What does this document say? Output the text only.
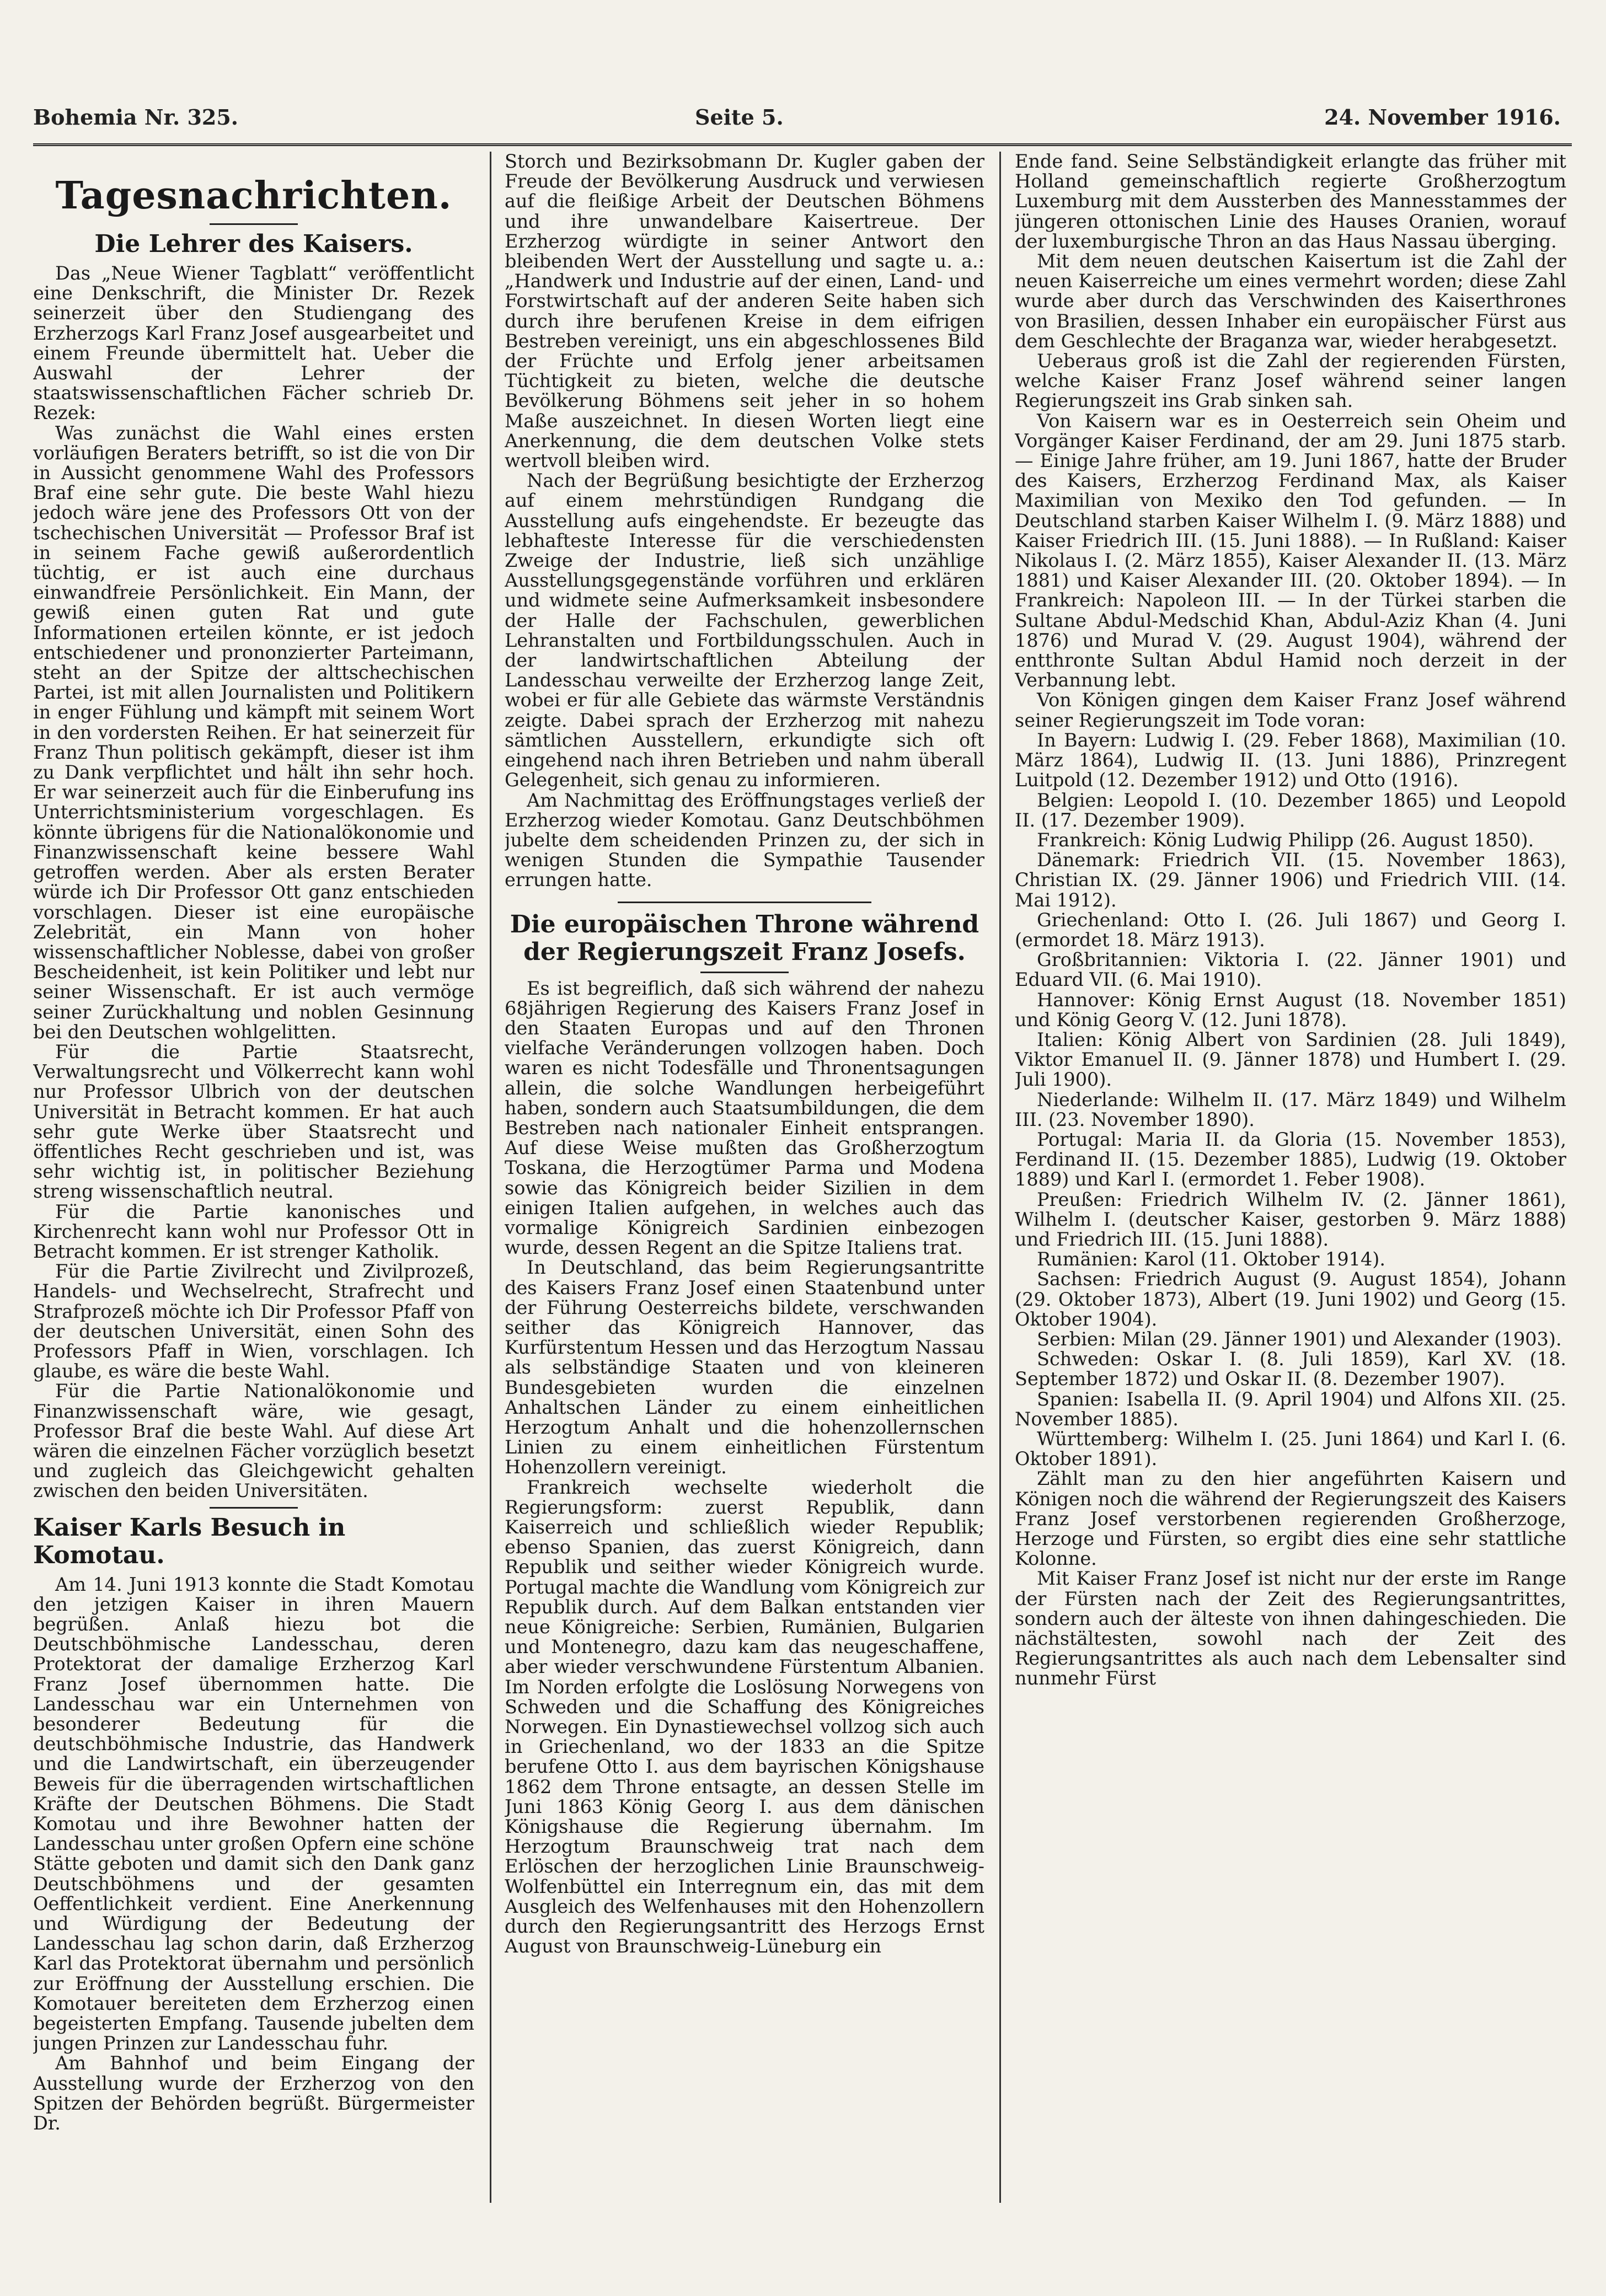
Bohemia Nr. 325.	Seite 5.	24. November 1916.
Tagesnachrichten.
Die Lehrer des Kaisers.

Das „Neue Wiener Tagblatt“ veröffentlicht eine Denkschrift, die Minister Dr. Rezek seinerzeit über den Studiengang des Erzherzogs Karl Franz Josef ausgearbeitet und einem Freunde übermittelt hat. Ueber die Auswahl der Lehrer der staatswissenschaftlichen Fächer schrieb Dr. Rezek:

Was zunächst die Wahl eines ersten vorläufigen Beraters betrifft, so ist die von Dir in Aussicht genommene Wahl des Professors Braf eine sehr gute. Die beste Wahl hiezu jedoch wäre jene des Professors Ott von der tschechischen Universität — Professor Braf ist in seinem Fache gewiß außerordentlich tüchtig, er ist auch eine durchaus einwandfreie Persönlichkeit. Ein Mann, der gewiß einen guten Rat und gute Informationen erteilen könnte, er ist jedoch entschiedener und prononzierter Parteimann, steht an der Spitze der alttschechischen Partei, ist mit allen Journalisten und Politikern in enger Fühlung und kämpft mit seinem Wort in den vordersten Reihen. Er hat seinerzeit für Franz Thun politisch gekämpft, dieser ist ihm zu Dank verpflichtet und hält ihn sehr hoch. Er war seinerzeit auch für die Einberufung ins Unterrichtsministerium vorgeschlagen. Es könnte übrigens für die Nationalökonomie und Finanzwissenschaft keine bessere Wahl getroffen werden. Aber als ersten Berater würde ich Dir Professor Ott ganz entschieden vorschlagen. Dieser ist eine europäische Zelebrität, ein Mann von hoher wissenschaftlicher Noblesse, dabei von großer Bescheidenheit, ist kein Politiker und lebt nur seiner Wissenschaft. Er ist auch vermöge seiner Zurückhaltung und noblen Gesinnung bei den Deutschen wohlgelitten.

Für die Partie Staatsrecht, Verwaltungsrecht und Völkerrecht kann wohl nur Professor Ulbrich von der deutschen Universität in Betracht kommen. Er hat auch sehr gute Werke über Staatsrecht und öffentliches Recht geschrieben und ist, was sehr wichtig ist, in politischer Beziehung streng wissenschaftlich neutral.

Für die Partie kanonisches und Kirchenrecht kann wohl nur Professor Ott in Betracht kommen. Er ist strenger Katholik.

Für die Partie Zivilrecht und Zivilprozeß, Handels- und Wechselrecht, Strafrecht und Strafprozeß möchte ich Dir Professor Pfaff von der deutschen Universität, einen Sohn des Professors Pfaff in Wien, vorschlagen. Ich glaube, es wäre die beste Wahl.

Für die Partie Nationalökonomie und Finanzwissenschaft wäre, wie gesagt, Professor Braf die beste Wahl. Auf diese Art wären die einzelnen Fächer vorzüglich besetzt und zugleich das Gleichgewicht gehalten zwischen den beiden Universitäten.

Kaiser Karls Besuch in Komotau.

Am 14. Juni 1913 konnte die Stadt Komotau den jetzigen Kaiser in ihren Mauern begrüßen. Anlaß hiezu bot die Deutschböhmische Landesschau, deren Protektorat der damalige Erzherzog Karl Franz Josef übernommen hatte. Die Landesschau war ein Unternehmen von besonderer Bedeutung für die deutschböhmische Industrie, das Handwerk und die Landwirtschaft, ein überzeugender Beweis für die überragenden wirtschaftlichen Kräfte der Deutschen Böhmens. Die Stadt Komotau und ihre Bewohner hatten der Landesschau unter großen Opfern eine schöne Stätte geboten und damit sich den Dank ganz Deutschböhmens und der gesamten Oeffentlichkeit verdient. Eine Anerkennung und Würdigung der Bedeutung der Landesschau lag schon darin, daß Erzherzog Karl das Protektorat übernahm und persönlich zur Eröffnung der Ausstellung erschien. Die Komotauer bereiteten dem Erzherzog einen begeisterten Empfang. Tausende jubelten dem jungen Prinzen zur Landesschau fuhr.

Am Bahnhof und beim Eingang der Ausstellung wurde der Erzherzog von den Spitzen der Behörden begrüßt. Bürgermeister Dr.

Storch und Bezirksobmann Dr. Kugler gaben der Freude der Bevölkerung Ausdruck und verwiesen auf die fleißige Arbeit der Deutschen Böhmens und ihre unwandelbare Kaisertreue. Der Erzherzog würdigte in seiner Antwort den bleibenden Wert der Ausstellung und sagte u. a.: „Handwerk und Industrie auf der einen, Land- und Forstwirtschaft auf der anderen Seite haben sich durch ihre berufenen Kreise in dem eifrigen Bestreben vereinigt, uns ein abgeschlossenes Bild der Früchte und Erfolg jener arbeitsamen Tüchtigkeit zu bieten, welche die deutsche Bevölkerung Böhmens seit jeher in so hohem Maße auszeichnet. In diesen Worten liegt eine Anerkennung, die dem deutschen Volke stets wertvoll bleiben wird.

Nach der Begrüßung besichtigte der Erzherzog auf einem mehrstündigen Rundgang die Ausstellung aufs eingehendste. Er bezeugte das lebhafteste Interesse für die verschiedensten Zweige der Industrie, ließ sich unzählige Ausstellungsgegenstände vorführen und erklären und widmete seine Aufmerksamkeit insbesondere der Halle der Fachschulen, gewerblichen Lehranstalten und Fortbildungsschulen. Auch in der landwirtschaftlichen Abteilung der Landesschau verweilte der Erzherzog lange Zeit, wobei er für alle Gebiete das wärmste Verständnis zeigte. Dabei sprach der Erzherzog mit nahezu sämtlichen Ausstellern, erkundigte sich oft eingehend nach ihren Betrieben und nahm überall Gelegenheit, sich genau zu informieren.

Am Nachmittag des Eröffnungstages verließ der Erzherzog wieder Komotau. Ganz Deutschböhmen jubelte dem scheidenden Prinzen zu, der sich in wenigen Stunden die Sympathie Tausender errungen hatte.

Die europäischen Throne während der Regierungszeit Franz Josefs.

Es ist begreiflich, daß sich während der nahezu 68jährigen Regierung des Kaisers Franz Josef in den Staaten Europas und auf den Thronen vielfache Veränderungen vollzogen haben. Doch waren es nicht Todesfälle und Thronentsagungen allein, die solche Wandlungen herbeigeführt haben, sondern auch Staatsumbildungen, die dem Bestreben nach nationaler Einheit entsprangen. Auf diese Weise mußten das Großherzogtum Toskana, die Herzogtümer Parma und Modena sowie das Königreich beider Sizilien in dem einigen Italien aufgehen, in welches auch das vormalige Königreich Sardinien einbezogen wurde, dessen Regent an die Spitze Italiens trat.

In Deutschland, das beim Regierungsantritte des Kaisers Franz Josef einen Staatenbund unter der Führung Oesterreichs bildete, verschwanden seither das Königreich Hannover, das Kurfürstentum Hessen und das Herzogtum Nassau als selbständige Staaten und von kleineren Bundesgebieten wurden die einzelnen Anhaltschen Länder zu einem einheitlichen Herzogtum Anhalt und die hohenzollernschen Linien zu einem einheitlichen Fürstentum Hohenzollern vereinigt.

Frankreich wechselte wiederholt die Regierungsform: zuerst Republik, dann Kaiserreich und schließlich wieder Republik; ebenso Spanien, das zuerst Königreich, dann Republik und seither wieder Königreich wurde. Portugal machte die Wandlung vom Königreich zur Republik durch. Auf dem Balkan entstanden vier neue Königreiche: Serbien, Rumänien, Bulgarien und Montenegro, dazu kam das neugeschaffene, aber wieder verschwundene Fürstentum Albanien. Im Norden erfolgte die Loslösung Norwegens von Schweden und die Schaffung des Königreiches Norwegen. Ein Dynastiewechsel vollzog sich auch in Griechenland, wo der 1833 an die Spitze berufene Otto I. aus dem bayrischen Königshause 1862 dem Throne entsagte, an dessen Stelle im Juni 1863 König Georg I. aus dem dänischen Königshause die Regierung übernahm. Im Herzogtum Braunschweig trat nach dem Erlöschen der herzoglichen Linie Braunschweig-Wolfenbüttel ein Interregnum ein, das mit dem Ausgleich des Welfenhauses mit den Hohenzollern durch den Regierungsantritt des Herzogs Ernst August von Braunschweig-Lüneburg ein

Ende fand. Seine Selbständigkeit erlangte das früher mit Holland gemeinschaftlich regierte Großherzogtum Luxemburg mit dem Aussterben des Mannesstammes der jüngeren ottonischen Linie des Hauses Oranien, worauf der luxemburgische Thron an das Haus Nassau überging.

Mit dem neuen deutschen Kaisertum ist die Zahl der neuen Kaiserreiche um eines vermehrt worden; diese Zahl wurde aber durch das Verschwinden des Kaiserthrones von Brasilien, dessen Inhaber ein europäischer Fürst aus dem Geschlechte der Braganza war, wieder herabgesetzt.

Ueberaus groß ist die Zahl der regierenden Fürsten, welche Kaiser Franz Josef während seiner langen Regierungszeit ins Grab sinken sah.

Von Kaisern war es in Oesterreich sein Oheim und Vorgänger Kaiser Ferdinand, der am 29. Juni 1875 starb. — Einige Jahre früher, am 19. Juni 1867, hatte der Bruder des Kaisers, Erzherzog Ferdinand Max, als Kaiser Maximilian von Mexiko den Tod gefunden. — In Deutschland starben Kaiser Wilhelm I. (9. März 1888) und Kaiser Friedrich III. (15. Juni 1888). — In Rußland: Kaiser Nikolaus I. (2. März 1855), Kaiser Alexander II. (13. März 1881) und Kaiser Alexander III. (20. Oktober 1894). — In Frankreich: Napoleon III. — In der Türkei starben die Sultane Abdul-Medschid Khan, Abdul-Aziz Khan (4. Juni 1876) und Murad V. (29. August 1904), während der entthronte Sultan Abdul Hamid noch derzeit in der Verbannung lebt.

Von Königen gingen dem Kaiser Franz Josef während seiner Regierungszeit im Tode voran:

In Bayern: Ludwig I. (29. Feber 1868), Maximilian (10. März 1864), Ludwig II. (13. Juni 1886), Prinzregent Luitpold (12. Dezember 1912) und Otto (1916).

Belgien: Leopold I. (10. Dezember 1865) und Leopold II. (17. Dezember 1909).

Frankreich: König Ludwig Philipp (26. August 1850).

Dänemark: Friedrich VII. (15. November 1863), Christian IX. (29. Jänner 1906) und Friedrich VIII. (14. Mai 1912).

Griechenland: Otto I. (26. Juli 1867) und Georg I. (ermordet 18. März 1913).

Großbritannien: Viktoria I. (22. Jänner 1901) und Eduard VII. (6. Mai 1910).

Hannover: König Ernst August (18. November 1851) und König Georg V. (12. Juni 1878).

Italien: König Albert von Sardinien (28. Juli 1849), Viktor Emanuel II. (9. Jänner 1878) und Humbert I. (29. Juli 1900).

Niederlande: Wilhelm II. (17. März 1849) und Wilhelm III. (23. November 1890).

Portugal: Maria II. da Gloria (15. November 1853), Ferdinand II. (15. Dezember 1885), Ludwig (19. Oktober 1889) und Karl I. (ermordet 1. Feber 1908).

Preußen: Friedrich Wilhelm IV. (2. Jänner 1861), Wilhelm I. (deutscher Kaiser, gestorben 9. März 1888) und Friedrich III. (15. Juni 1888).

Rumänien: Karol (11. Oktober 1914).

Sachsen: Friedrich August (9. August 1854), Johann (29. Oktober 1873), Albert (19. Juni 1902) und Georg (15. Oktober 1904).

Serbien: Milan (29. Jänner 1901) und Alexander (1903).

Schweden: Oskar I. (8. Juli 1859), Karl XV. (18. September 1872) und Oskar II. (8. Dezember 1907).

Spanien: Isabella II. (9. April 1904) und Alfons XII. (25. November 1885).

Württemberg: Wilhelm I. (25. Juni 1864) und Karl I. (6. Oktober 1891).

Zählt man zu den hier angeführten Kaisern und Königen noch die während der Regierungszeit des Kaisers Franz Josef verstorbenen regierenden Großherzoge, Herzoge und Fürsten, so ergibt dies eine sehr stattliche Kolonne.

Mit Kaiser Franz Josef ist nicht nur der erste im Range der Fürsten nach der Zeit des Regierungsantrittes, sondern auch der älteste von ihnen dahingeschieden. Die nächstältesten, sowohl nach der Zeit des Regierungsantrittes als auch nach dem Lebensalter sind nunmehr Fürst
